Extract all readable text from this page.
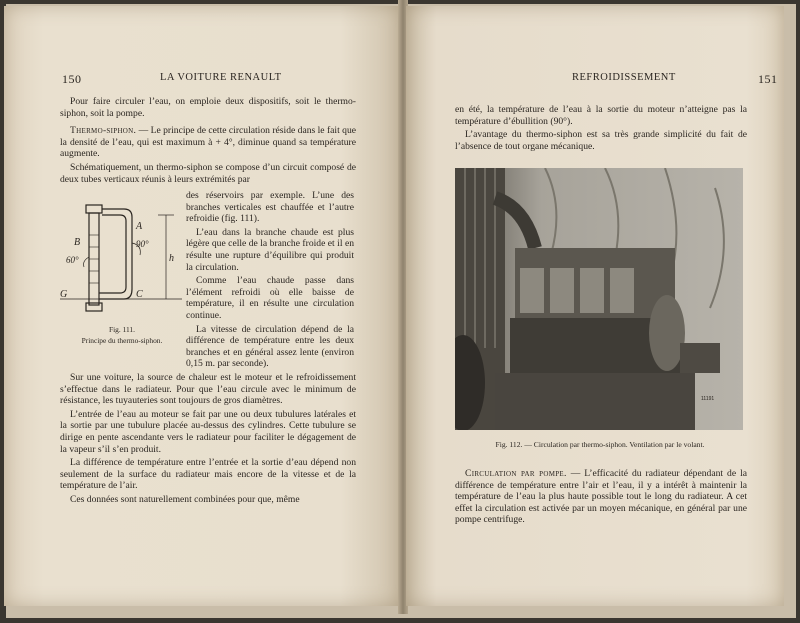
150	LA VOITURE RENAULT

Pour faire circuler l’eau, on emploie deux dispositifs, soit le thermo-siphon, soit la pompe.

Thermo-siphon. — Le principe de cette circulation réside dans le fait que la densité de l’eau, qui est maximum à + 4°, diminue quand sa température augmente.

Schématiquement, un thermo-siphon se compose d’un circuit composé de deux tubes verticaux réunis à leurs extrémités par

A
B	90°
60°	h
G	C
Fig. 111.
Principe du thermo-siphon.

des réservoirs par exemple. L’une des branches verticales est chauffée et l’autre refroidie (fig. 111).

L’eau dans la branche chaude est plus légère que celle de la branche froide et il en résulte une rupture d’équilibre qui produit la circulation.

Comme l’eau chaude passe dans l’élément refroidi où elle baisse de température, il en résulte une circulation continue.

La vitesse de circulation dépend de la différence de température entre les deux branches et en général assez lente (environ 0,15 m. par seconde).

Sur une voiture, la source de chaleur est le moteur et le refroidissement s’effectue dans le radiateur. Pour que l’eau circule avec le minimum de résistance, les tuyauteries sont toujours de gros diamètres.

L’entrée de l’eau au moteur se fait par une ou deux tubulures latérales et la sortie par une tubulure placée au-dessus des cylindres. Cette tubulure se dirige en pente ascendante vers le radiateur pour faciliter le dégagement de la vapeur s’il s’en produit.

La différence de température entre l’entrée et la sortie d’eau dépend non seulement de la surface du radiateur mais encore de la vitesse et de la température de l’air.

Ces données sont naturellement combinées pour que, même

REFROIDISSEMENT	151

en été, la température de l’eau à la sortie du moteur n’atteigne pas la température d’ébullition (90°).

L’avantage du thermo-siphon est sa très grande simplicité du fait de l’absence de tout organe mécanique.

11191
Fig. 112. — Circulation par thermo-siphon. Ventilation par le volant.

Circulation par pompe. — L’efficacité du radiateur dépendant de la différence de température entre l’air et l’eau, il y a intérêt à maintenir la température de l’eau la plus haute possible tout le long du radiateur. A cet effet la circulation est activée par un moyen mécanique, en général par une pompe centrifuge.
